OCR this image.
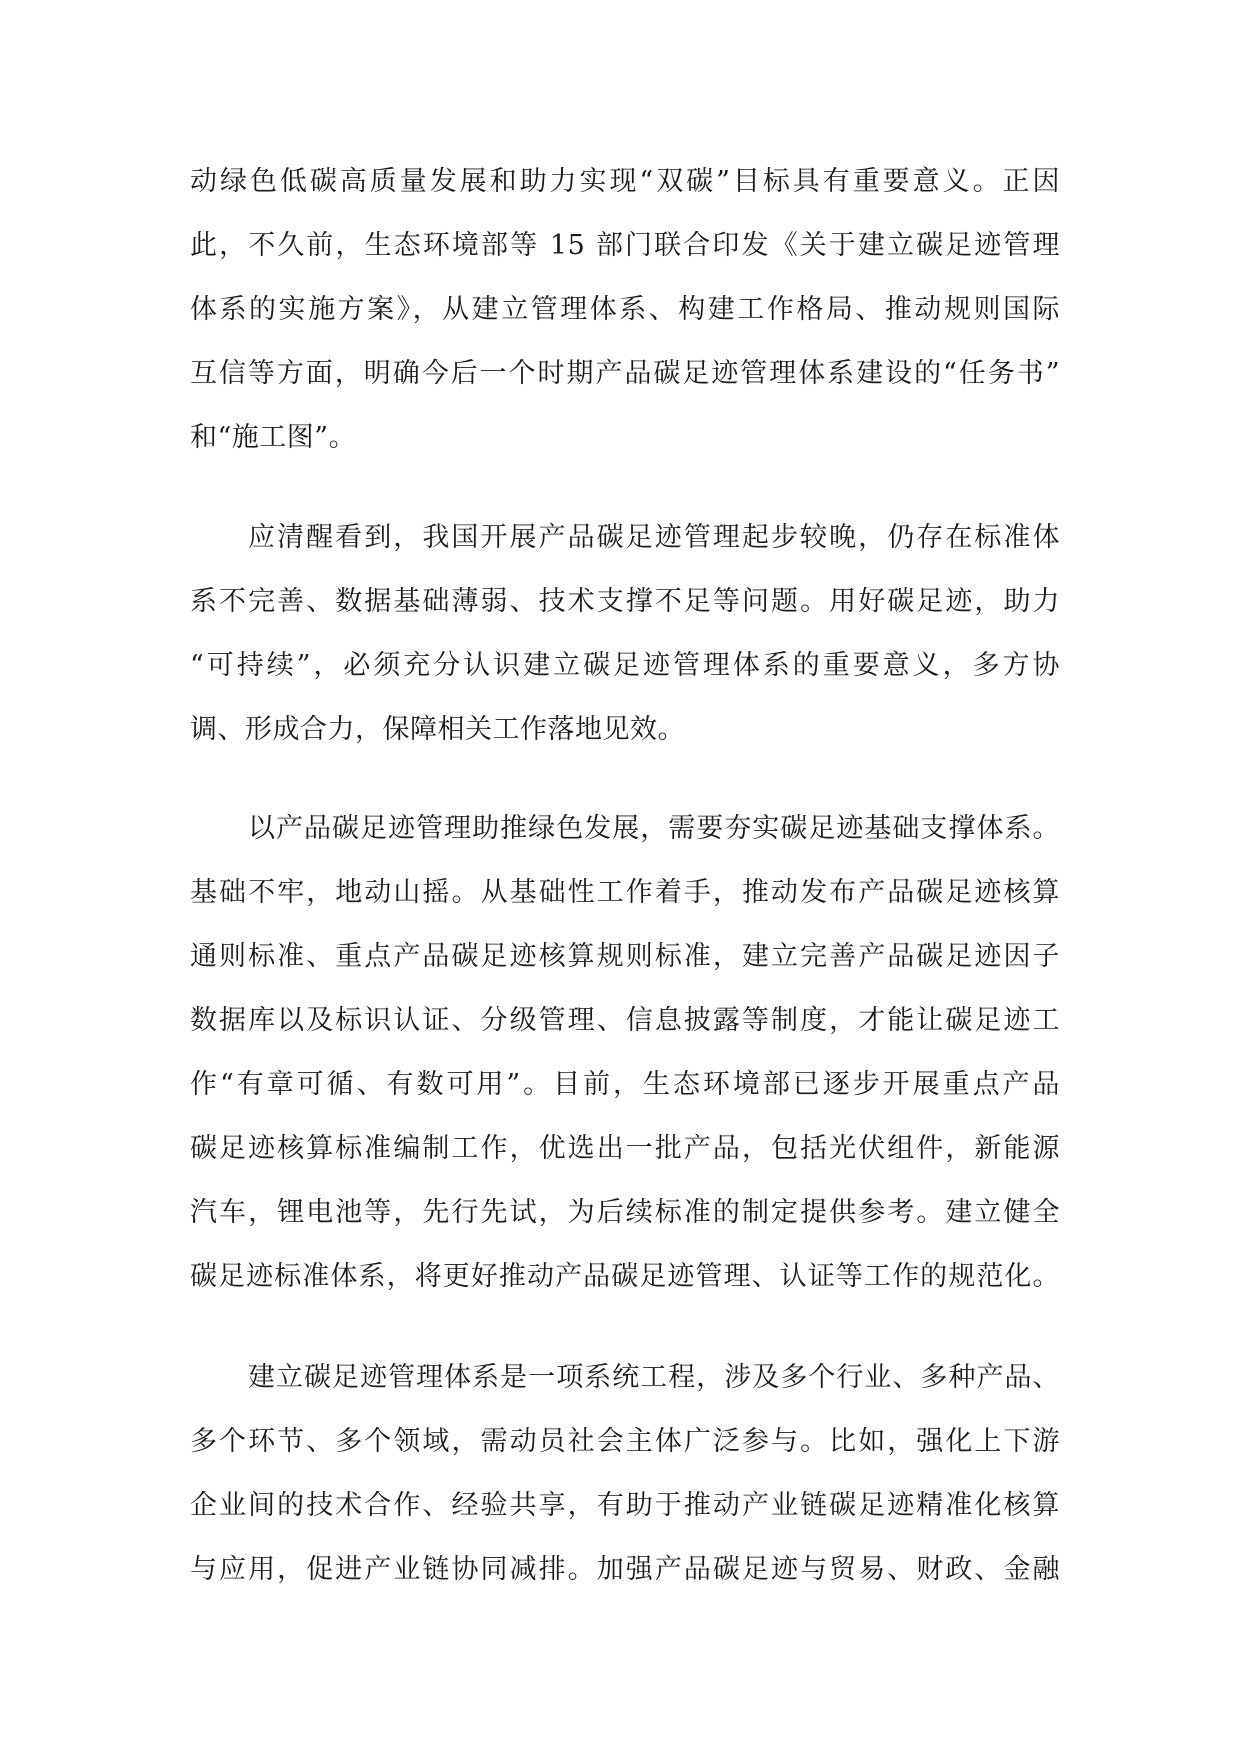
动绿色低碳高质量发展和助力实现“双碳”目标具有重要意义。正因
此，不久前，生态环境部等 15 部门联合印发《关于建立碳足迹管理
体系的实施方案》，从建立管理体系、构建工作格局、推动规则国际
互信等方面，明确今后一个时期产品碳足迹管理体系建设的“任务书”
和“施工图”。
应清醒看到，我国开展产品碳足迹管理起步较晚，仍存在标准体
系不完善、数据基础薄弱、技术支撑不足等问题。用好碳足迹，助力
“可持续”，必须充分认识建立碳足迹管理体系的重要意义，多方协
调、形成合力，保障相关工作落地见效。
以产品碳足迹管理助推绿色发展，需要夯实碳足迹基础支撑体系。
基础不牢，地动山摇。从基础性工作着手，推动发布产品碳足迹核算
通则标准、重点产品碳足迹核算规则标准，建立完善产品碳足迹因子
数据库以及标识认证、分级管理、信息披露等制度，才能让碳足迹工
作“有章可循、有数可用”。目前，生态环境部已逐步开展重点产品
碳足迹核算标准编制工作，优选出一批产品，包括光伏组件，新能源
汽车，锂电池等，先行先试，为后续标准的制定提供参考。建立健全
碳足迹标准体系，将更好推动产品碳足迹管理、认证等工作的规范化。
建立碳足迹管理体系是一项系统工程，涉及多个行业、多种产品、
多个环节、多个领域，需动员社会主体广泛参与。比如，强化上下游
企业间的技术合作、经验共享，有助于推动产业链碳足迹精准化核算
与应用，促进产业链协同减排。加强产品碳足迹与贸易、财政、金融
